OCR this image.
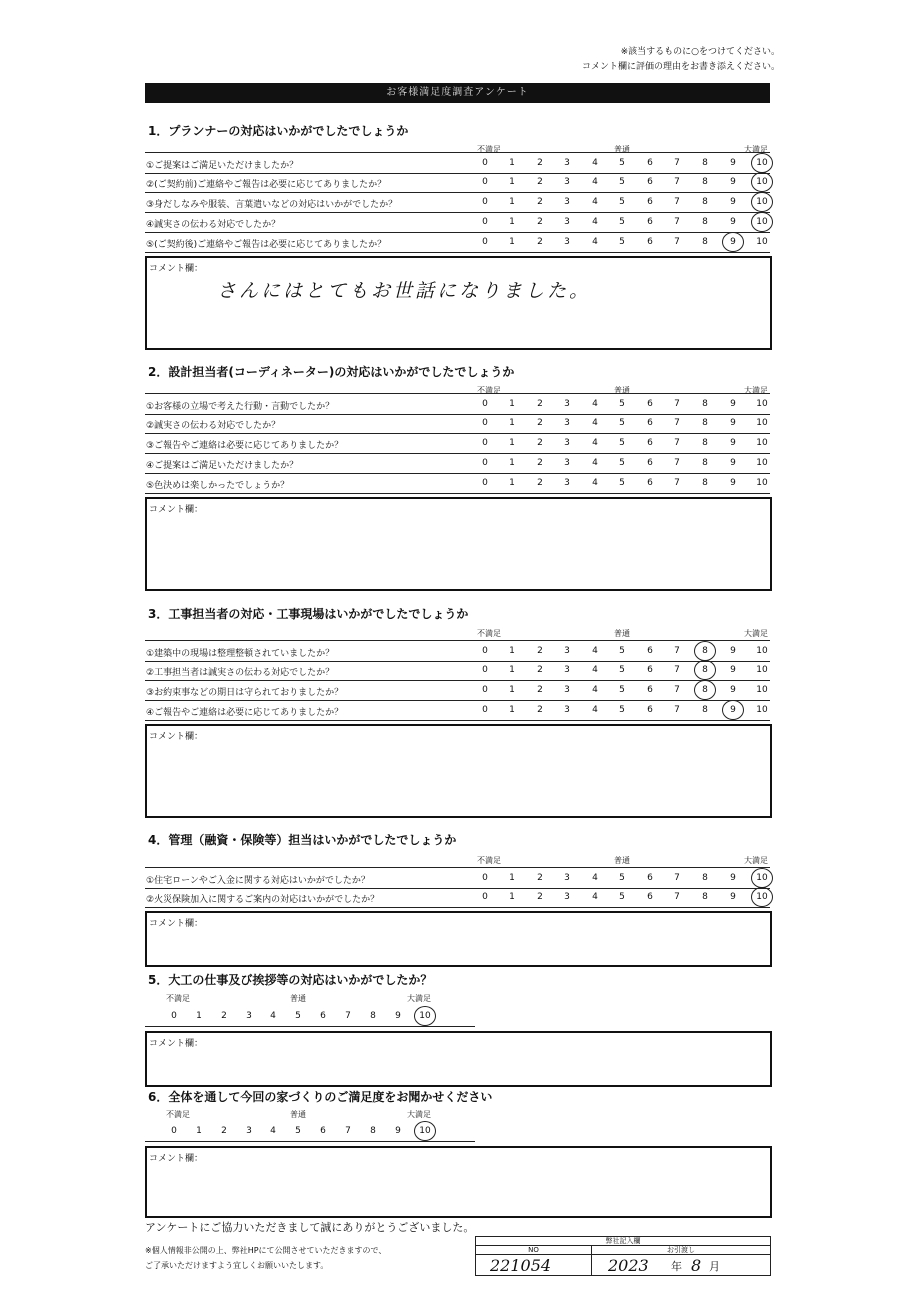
※該当するものに○をつけてください。
コメント欄に評価の理由をお書き添えください。
お客様満足度調査アンケート
1．プランナーの対応はいかがでしたでしょうか
不満足	普通	大満足
①ご提案はご満足いただけましたか？	0	1	2	3	4	5	6	7	8	9	10
②(ご契約前)ご連絡やご報告は必要に応じてありましたか？	0	1	2	3	4	5	6	7	8	9	10
③身だしなみや服装、言葉遣いなどの対応はいかがでしたか？	0	1	2	3	4	5	6	7	8	9	10
④誠実さの伝わる対応でしたか？	0	1	2	3	4	5	6	7	8	9	10
⑤(ご契約後)ご連絡やご報告は必要に応じてありましたか？	0	1	2	3	4	5	6	7	8	9	10
コメント欄：
さんにはとてもお世話になりました。
2．設計担当者(コーディネーター)の対応はいかがでしたでしょうか
不満足	普通	大満足
①お客様の立場で考えた行動・言動でしたか？	0	1	2	3	4	5	6	7	8	9	10
②誠実さの伝わる対応でしたか？	0	1	2	3	4	5	6	7	8	9	10
③ご報告やご連絡は必要に応じてありましたか？	0	1	2	3	4	5	6	7	8	9	10
④ご提案はご満足いただけましたか？	0	1	2	3	4	5	6	7	8	9	10
⑤色決めは楽しかったでしょうか？	0	1	2	3	4	5	6	7	8	9	10
コメント欄：
3．工事担当者の対応・工事現場はいかがでしたでしょうか
不満足	普通	大満足
①建築中の現場は整理整頓されていましたか？	0	1	2	3	4	5	6	7	8	9	10
②工事担当者は誠実さの伝わる対応でしたか？	0	1	2	3	4	5	6	7	8	9	10
③お約束事などの期日は守られておりましたか？	0	1	2	3	4	5	6	7	8	9	10
④ご報告やご連絡は必要に応じてありましたか？	0	1	2	3	4	5	6	7	8	9	10
コメント欄：
4．管理（融資・保険等）担当はいかがでしたでしょうか
不満足	普通	大満足
①住宅ローンやご入金に関する対応はいかがでしたか？	0	1	2	3	4	5	6	7	8	9	10
②火災保険加入に関するご案内の対応はいかがでしたか？	0	1	2	3	4	5	6	7	8	9	10
コメント欄：
5．大工の仕事及び挨拶等の対応はいかがでしたか？
不満足	普通	大満足
0	1	2	3	4	5	6	7	8	9	10
コメント欄：
6．全体を通して今回の家づくりのご満足度をお聞かせください
不満足	普通	大満足
0	1	2	3	4	5	6	7	8	9	10
コメント欄：
アンケートにご協力いただきまして誠にありがとうございました。
※個人情報非公開の上、弊社HPにて公開させていただきますので、
ご了承いただけますよう宜しくお願いいたします。
弊社記入欄
NO	お引渡し
221054	2023 年 8 月
